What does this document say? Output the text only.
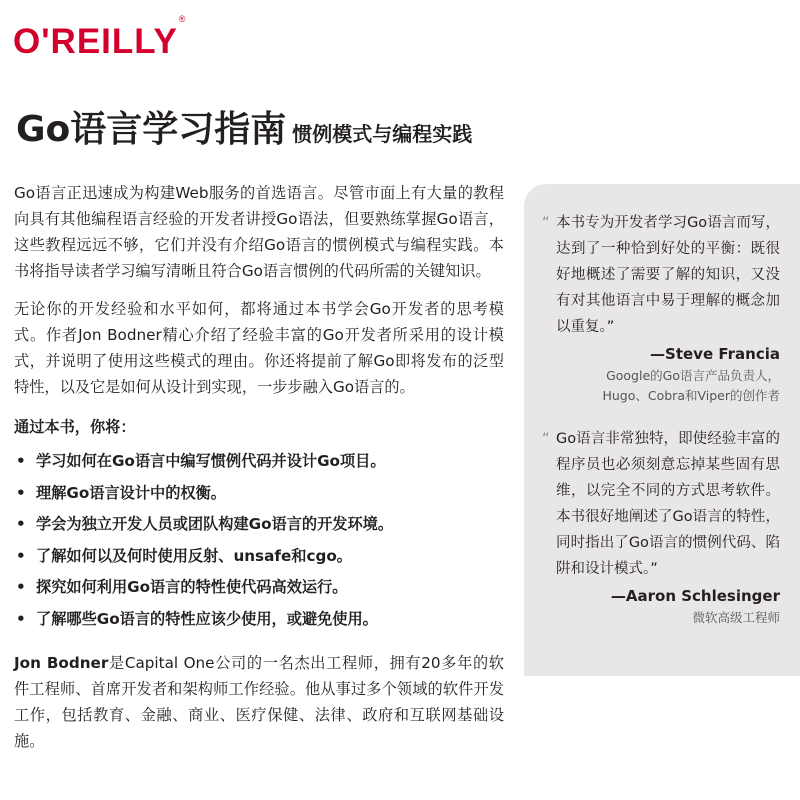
O'REILLY®
Go语言学习指南 惯例模式与编程实践

Go语言正迅速成为构建Web服务的首选语言。尽管市面上有大量的教程向具有其他编程语言经验的开发者讲授Go语法，但要熟练掌握Go语言，这些教程远远不够，它们并没有介绍Go语言的惯例模式与编程实践。本书将指导读者学习编写清晰且符合Go语言惯例的代码所需的关键知识。

无论你的开发经验和水平如何，都将通过本书学会Go开发者的思考模式。作者Jon Bodner精心介绍了经验丰富的Go开发者所采用的设计模式，并说明了使用这些模式的理由。你还将提前了解Go即将发布的泛型特性，以及它是如何从设计到实现，一步步融入Go语言的。

通过本书，你将：

• 学习如何在Go语言中编写惯例代码并设计Go项目。
• 理解Go语言设计中的权衡。
• 学会为独立开发人员或团队构建Go语言的开发环境。
• 了解如何以及何时使用反射、unsafe和cgo。
• 探究如何利用Go语言的特性使代码高效运行。
• 了解哪些Go语言的特性应该少使用，或避免使用。

Jon Bodner是Capital One公司的一名杰出工程师，拥有20多年的软件工程师、首席开发者和架构师工作经验。他从事过多个领域的软件开发工作，包括教育、金融、商业、医疗保健、法律、政府和互联网基础设施。

“ 本书专为开发者学习Go语言而写，达到了一种恰到好处的平衡：既很好地概述了需要了解的知识，又没有对其他语言中易于理解的概念加以重复。”
—Steve Francia
Google的Go语言产品负责人，
Hugo、Cobra和Viper的创作者
“ Go语言非常独特，即使经验丰富的程序员也必须刻意忘掉某些固有思维，以完全不同的方式思考软件。本书很好地阐述了Go语言的特性，同时指出了Go语言的惯例代码、陷阱和设计模式。”
—Aaron Schlesinger
微软高级工程师
